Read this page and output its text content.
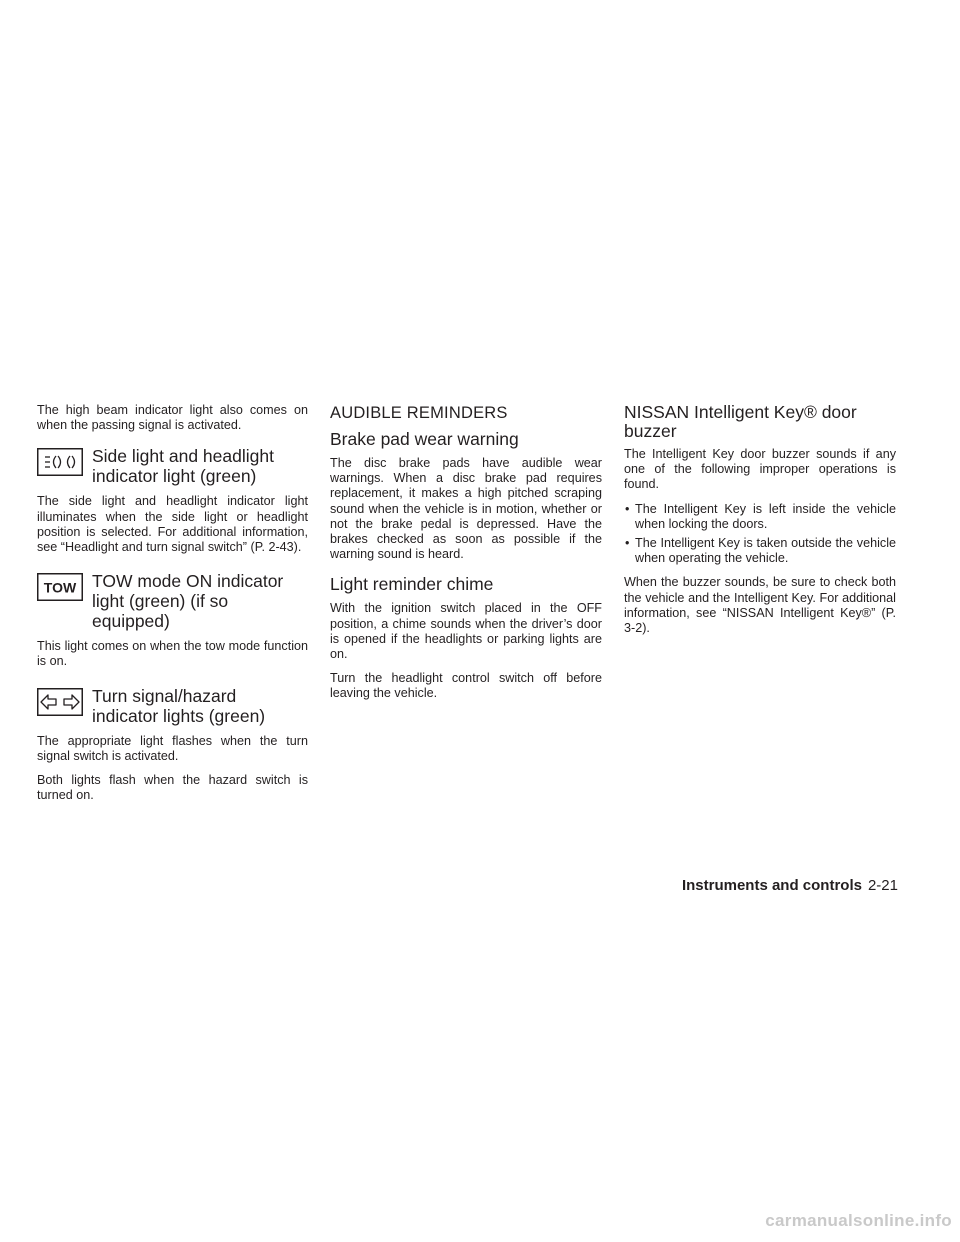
The high beam indicator light also comes on when the passing signal is activated.

Side light and headlight
indicator light (green)

The side light and headlight indicator light illuminates when the side light or headlight position is selected. For additional information, see “Headlight and turn signal switch” (P. 2-43).

TOW TOW mode ON indicator
light (green) (if so equipped)

This light comes on when the tow mode function is on.

Turn signal/hazard
indicator lights (green)

The appropriate light flashes when the turn signal switch is activated.

Both lights flash when the hazard switch is turned on.

AUDIBLE REMINDERS
Brake pad wear warning

The disc brake pads have audible wear warnings. When a disc brake pad requires replacement, it makes a high pitched scraping sound when the vehicle is in motion, whether or not the brake pedal is depressed. Have the brakes checked as soon as possible if the warning sound is heard.

Light reminder chime

With the ignition switch placed in the OFF position, a chime sounds when the driver’s door is opened if the headlights or parking lights are on.

Turn the headlight control switch off before leaving the vehicle.

NISSAN Intelligent Key® door
buzzer

The Intelligent Key door buzzer sounds if any one of the following improper operations is found.

• The Intelligent Key is left inside the vehicle when locking the doors.
• The Intelligent Key is taken outside the vehicle when operating the vehicle.

When the buzzer sounds, be sure to check both the vehicle and the Intelligent Key. For additional information, see “NISSAN Intelligent Key®” (P. 3-2).

Instruments and controls 2-21
carmanualsonline.info
